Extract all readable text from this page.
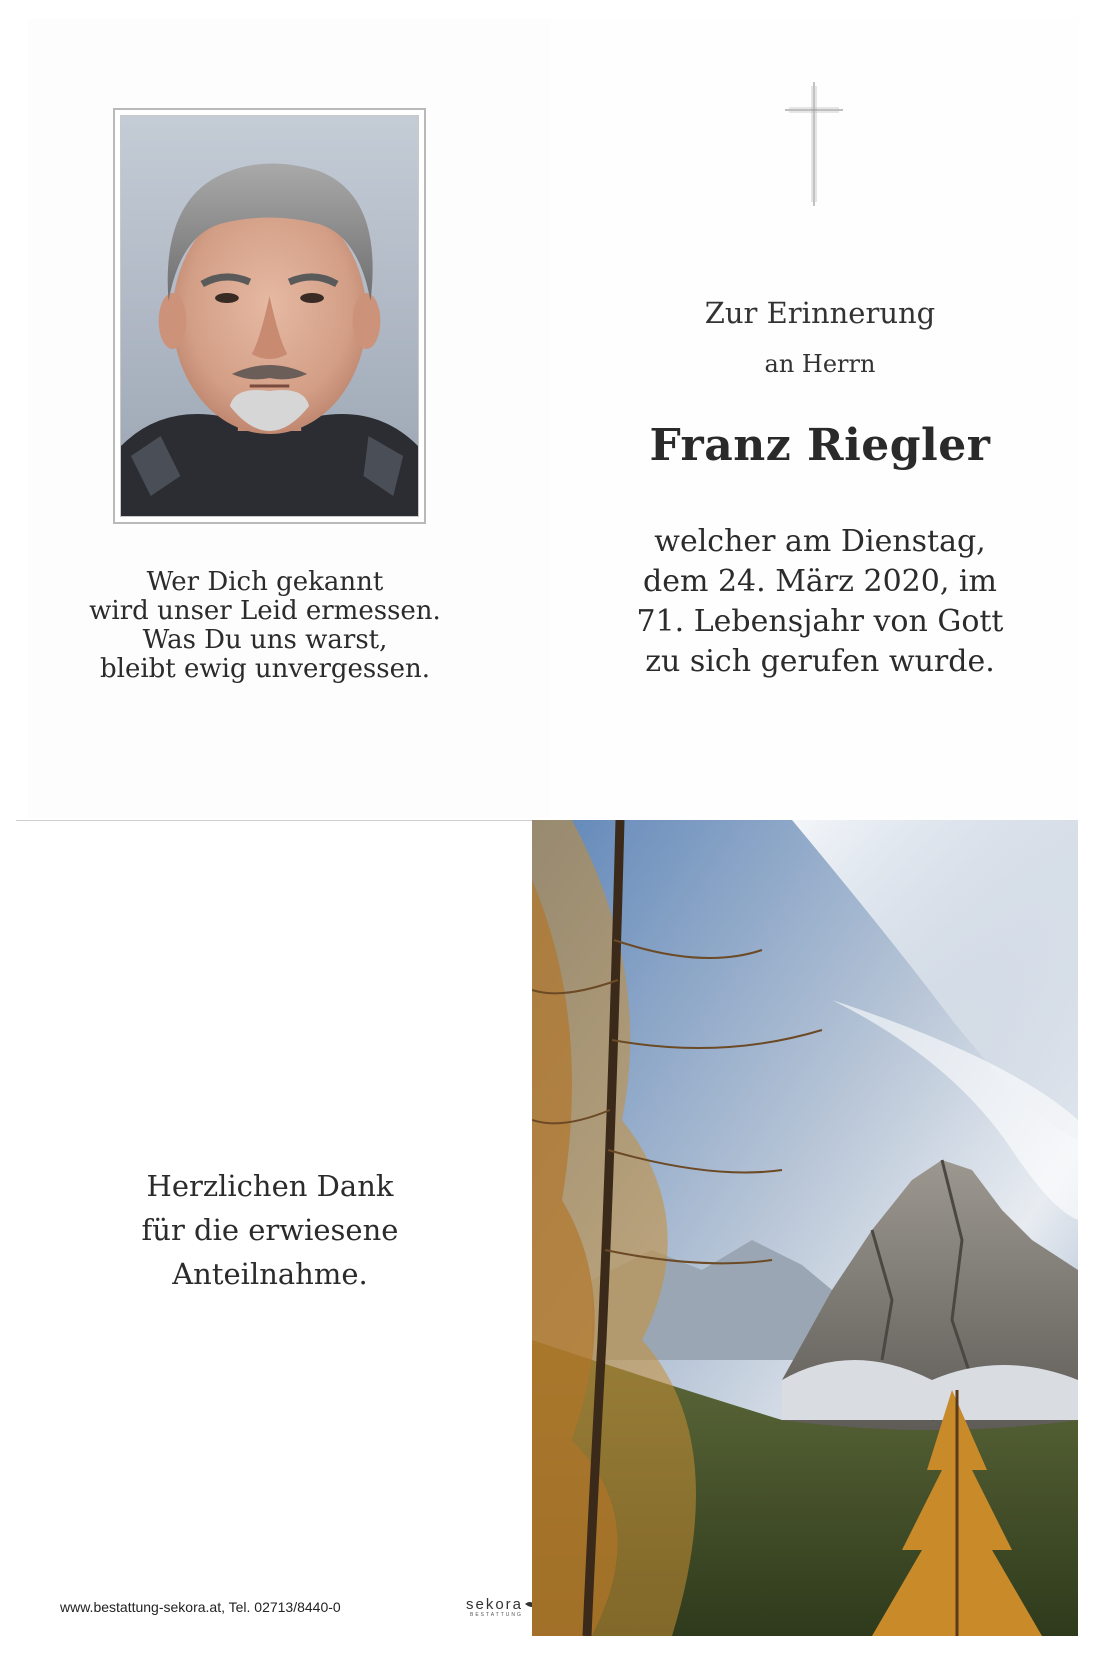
Wer Dich gekannt
wird unser Leid ermessen.
Was Du uns warst,
bleibt ewig unvergessen.
Zur Erinnerung
an Herrn
Franz Riegler
welcher am Dienstag,
dem 24. März 2020, im
71. Lebensjahr von Gott
zu sich gerufen wurde.
Herzlichen Dank
für die erwiesene
Anteilnahme.
www.bestattung-sekora.at, Tel. 02713/8440-0	sekora
BESTATTUNG
